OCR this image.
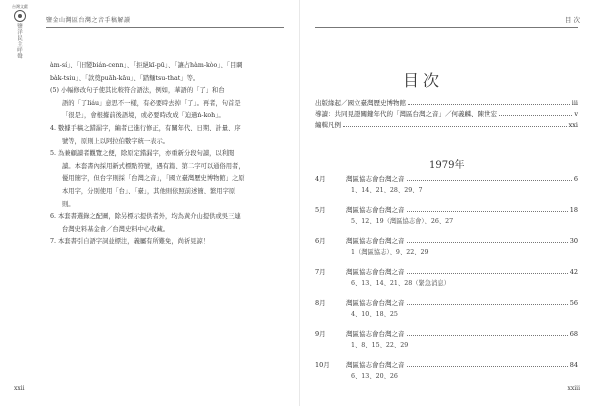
台灣文獻
鹽洋民主呼聲
鹽金山灣區台灣之音手稿解讀	目 次

àm-sí」、「旧變bián-cenn」、「拒絕kī-pū」、「讓占hàm-kòo」、「目睭

bàk-tsiu」、「款奠puāh-kāu」、「踏麵tsu-that」等。

(5) 小幅修改句子使其比較符合語法，例如，華語的「了」和台

語的「了liáu」意思不一樣，有必要時去掉「了」。再者，句首是

「很是」，會根據前後語境，或必要時改成「迫過ń-koh」。

4. 數據手稿之錯漏字，編者已進行修正，有關年代、日期、計量、序

號等，原則上以阿拉伯數字統一表示。

5. 為兼顧讀者觀覽之便，除原定錯漏字，亦重新分段句讀，以利閱

讀。本套書內採用新式標點符號，遇有篇、第二字可以通俗用者，

優用簡字，但台字則採「台灣之音」，「國立臺灣歷史博物館」之原

本用字，分別使用「台」、「臺」，其他則依照前述簡、繁用字原

則。

6. 本套書選錄之配圖，除另標示提供者外，均為黃介山提供或吳三連

台灣史料基金會／台灣史料中心收藏。

7. 本套書引自語字詞並標注，義屬有所難免，尚祈見諒！

xxii
目次
出版緣起／國立臺灣歷史博物館	iii
導讀：共同見證關鍵年代的「灣區台灣之音」／何義麟、陳世宏	v
編輯凡例	xxi
1979年
4月	灣區協志會台灣之音	6
1、14、21、28、29、7
5月	灣區協志會台灣之音	18
5、12、19（灣區協志會）、26、27
6月	灣區協志會台灣之音	30
1（灣區協志）、9、22、29
7月	灣區協志會台灣之音	42
6、13、14、21、28（緊急消息）
8月	灣區協志會台灣之音	56
4、10、18、25
9月	灣區協志會台灣之音	68
1、8、15、22、29
10月	灣區協志會台灣之音	84
6、13、20、26
xxiii
